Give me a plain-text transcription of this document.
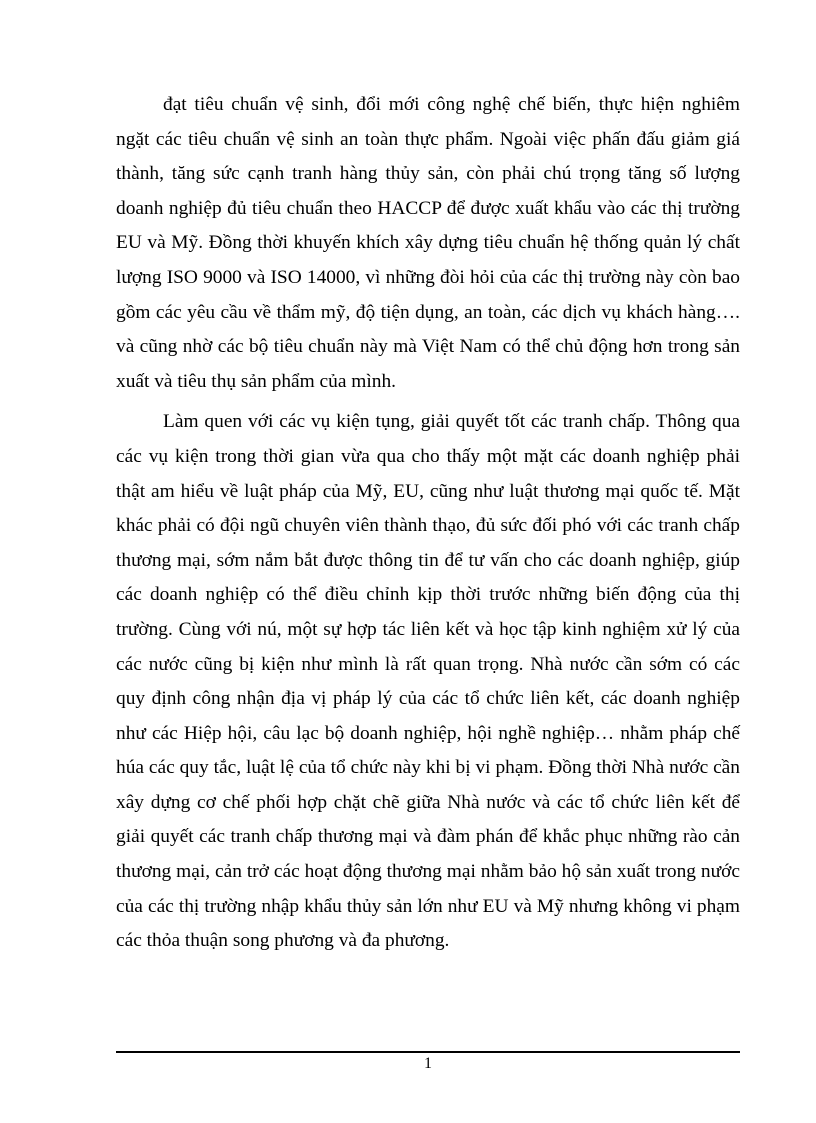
đạt tiêu chuẩn vệ sinh, đổi mới công nghệ chế biến, thực hiện nghiêm ngặt các tiêu chuẩn vệ sinh an toàn thực phẩm. Ngoài việc phấn đấu giảm giá thành, tăng sức cạnh tranh hàng thủy sản, còn phải chú trọng tăng số lượng doanh nghiệp đủ tiêu chuẩn theo HACCP để được xuất khẩu vào các thị trường EU và Mỹ. Đồng thời khuyến khích xây dựng tiêu chuẩn hệ thống quản lý chất lượng ISO 9000 và ISO 14000, vì những đòi hỏi của các thị trường này còn bao gồm các yêu cầu về thẩm mỹ, độ tiện dụng, an toàn, các dịch vụ khách hàng…. và cũng nhờ các bộ tiêu chuẩn này mà Việt Nam có thể chủ động hơn trong sản xuất và tiêu thụ sản phẩm của mình.

Làm quen với các vụ kiện tụng, giải quyết tốt các tranh chấp. Thông qua các vụ kiện trong thời gian vừa qua cho thấy một mặt các doanh nghiệp phải thật am hiểu về luật pháp của Mỹ, EU, cũng như luật thương mại quốc tế. Mặt khác phải có đội ngũ chuyên viên thành thạo, đủ sức đối phó với các tranh chấp thương mại, sớm nắm bắt được thông tin để tư vấn cho các doanh nghiệp, giúp các doanh nghiệp có thể điều chỉnh kịp thời trước những biến động của thị trường. Cùng với nú, một sự hợp tác liên kết và học tập kinh nghiệm xử lý của các nước cũng bị kiện như mình là rất quan trọng. Nhà nước cần sớm có các quy định công nhận địa vị pháp lý của các tổ chức liên kết, các doanh nghiệp như các Hiệp hội, câu lạc bộ doanh nghiệp, hội nghề nghiệp… nhằm pháp chế húa các quy tắc, luật lệ của tổ chức này khi bị vi phạm. Đồng thời Nhà nước cần xây dựng cơ chế phối hợp chặt chẽ giữa Nhà nước và các tổ chức liên kết để giải quyết các tranh chấp thương mại và đàm phán để khắc phục những rào cản thương mại, cản trở các hoạt động thương mại nhằm bảo hộ sản xuất trong nước của các thị trường nhập khẩu thủy sản lớn như EU và Mỹ nhưng không vi phạm các thỏa thuận song phương và đa phương.

1
